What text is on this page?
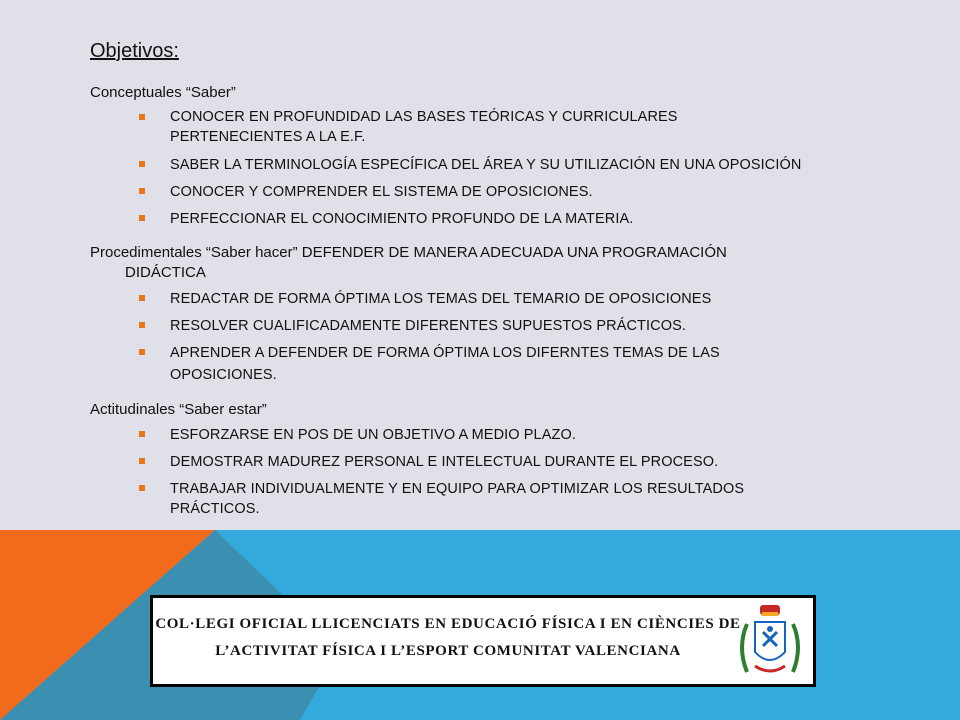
Objetivos:
Conceptuales “Saber”
CONOCER EN PROFUNDIDAD LAS BASES TEÓRICAS Y CURRICULARES
PERTENECIENTES A LA E.F.
SABER LA TERMINOLOGÍA ESPECÍFICA DEL ÁREA Y SU UTILIZACIÓN EN UNA OPOSICIÓN
CONOCER Y COMPRENDER EL SISTEMA DE OPOSICIONES.
PERFECCIONAR EL CONOCIMIENTO PROFUNDO DE LA MATERIA.
Procedimentales “Saber hacer” DEFENDER DE MANERA ADECUADA UNA PROGRAMACIÓN
DIDÁCTICA
REDACTAR DE FORMA ÓPTIMA LOS TEMAS DEL TEMARIO DE OPOSICIONES
RESOLVER CUALIFICADAMENTE DIFERENTES SUPUESTOS PRÁCTICOS.
APRENDER A DEFENDER DE FORMA ÓPTIMA LOS DIFERNTES TEMAS DE LAS
OPOSICIONES.
Actitudinales “Saber estar”
ESFORZARSE EN POS DE UN OBJETIVO A MEDIO PLAZO.
DEMOSTRAR MADUREZ PERSONAL E INTELECTUAL DURANTE EL PROCESO.
TRABAJAR INDIVIDUALMENTE Y EN EQUIPO PARA OPTIMIZAR LOS RESULTADOS
PRÁCTICOS.
COL·LEGI OFICIAL LLICENCIATS EN EDUCACIÓ FÍSICA I EN CIÈNCIES DE
L’ACTIVITAT FÍSICA I L’ESPORT COMUNITAT VALENCIANA
